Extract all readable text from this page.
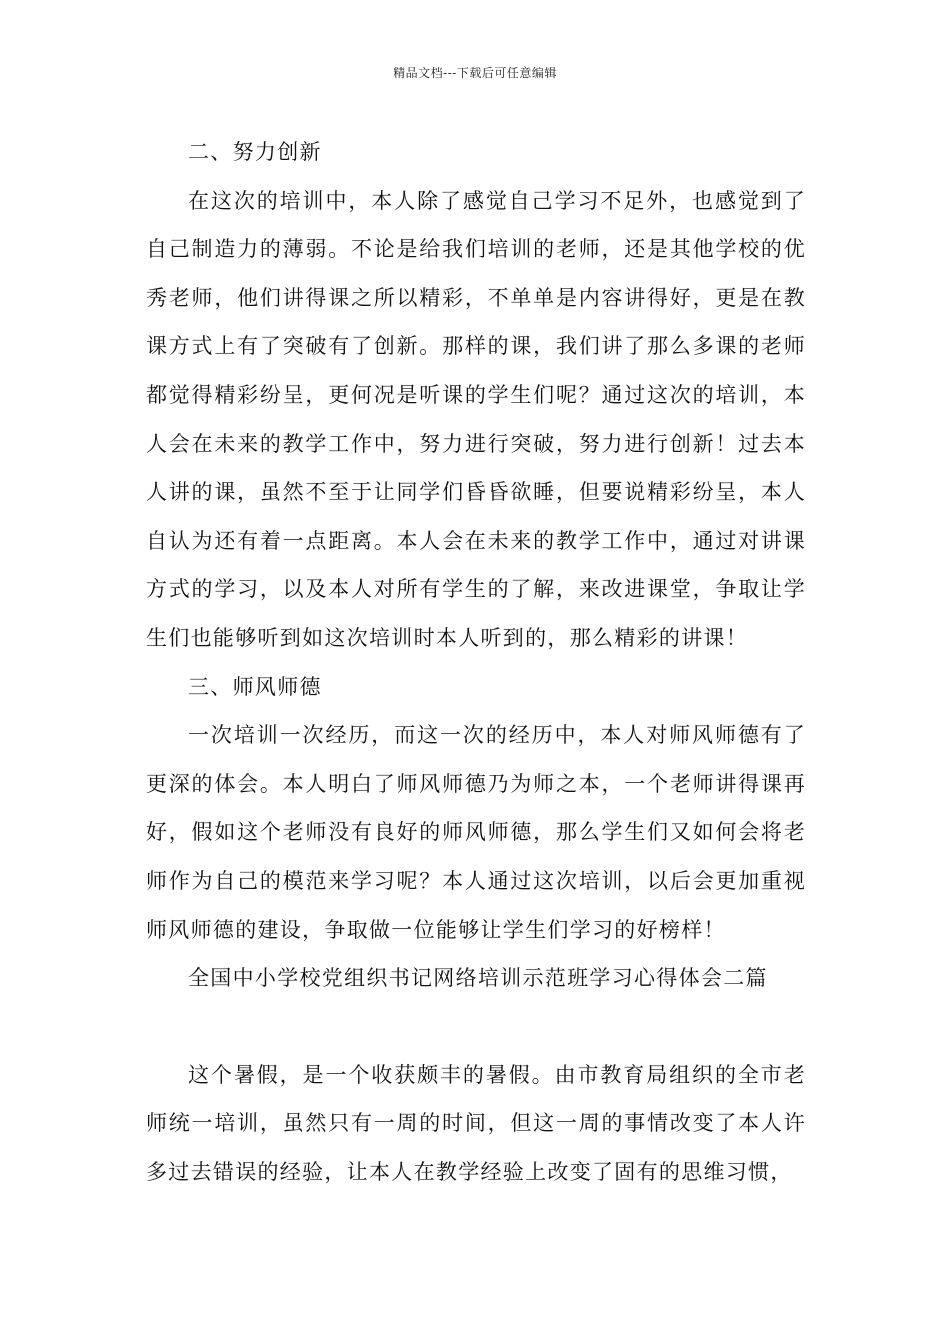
精品文档---下载后可任意编辑

二、努力创新

在这次的培训中，本人除了感觉自己学习不足外，也感觉到了自己制造力的薄弱。不论是给我们培训的老师，还是其他学校的优秀老师，他们讲得课之所以精彩，不单单是内容讲得好，更是在教课方式上有了突破有了创新。那样的课，我们讲了那么多课的老师都觉得精彩纷呈，更何况是听课的学生们呢？通过这次的培训，本人会在未来的教学工作中，努力进行突破，努力进行创新！过去本人讲的课，虽然不至于让同学们昏昏欲睡，但要说精彩纷呈，本人自认为还有着一点距离。本人会在未来的教学工作中，通过对讲课方式的学习，以及本人对所有学生的了解，来改进课堂，争取让学生们也能够听到如这次培训时本人听到的，那么精彩的讲课！

三、师风师德

一次培训一次经历，而这一次的经历中，本人对师风师德有了更深的体会。本人明白了师风师德乃为师之本，一个老师讲得课再好，假如这个老师没有良好的师风师德，那么学生们又如何会将老师作为自己的模范来学习呢？本人通过这次培训，以后会更加重视师风师德的建设，争取做一位能够让学生们学习的好榜样！

全国中小学校党组织书记网络培训示范班学习心得体会二篇

这个暑假，是一个收获颇丰的暑假。由市教育局组织的全市老师统一培训，虽然只有一周的时间，但这一周的事情改变了本人许多过去错误的经验，让本人在教学经验上改变了固有的思维习惯，
